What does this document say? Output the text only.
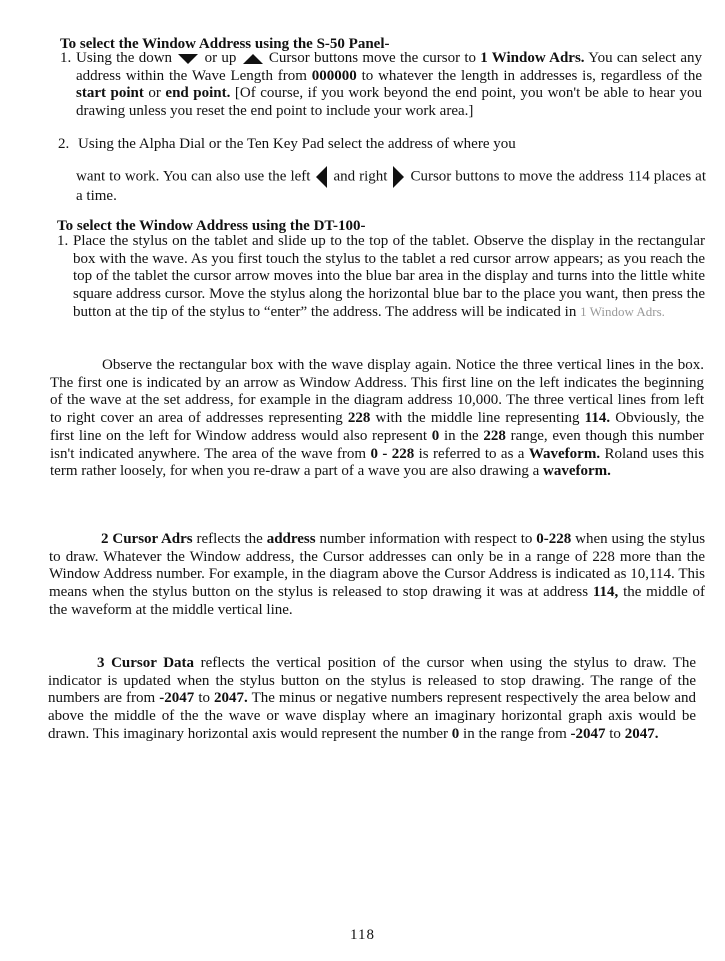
To select the Window Address using the S-50 Panel-
1. Using the down or up Cursor buttons move the cursor to 1 Window Adrs. You can select any address within the Wave Length from 000000 to whatever the length in addresses is, regardless of the start point or end point. [Of course, if you work beyond the end point, you won't be able to hear you drawing unless you reset the end point to include your work area.]
2. Using the Alpha Dial or the Ten Key Pad select the address of where you
want to work. You can also use the left and right Cursor buttons to move the address 114 places at a time.
To select the Window Address using the DT-100-
1. Place the stylus on the tablet and slide up to the top of the tablet. Observe the display in the rectangular box with the wave. As you first touch the stylus to the tablet a red cursor arrow appears; as you reach the top of the tablet the cursor arrow moves into the blue bar area in the display and turns into the little white square address cursor. Move the stylus along the horizontal blue bar to the place you want, then press the button at the tip of the stylus to “enter” the address. The address will be indicated in 1 Window Adrs.
Observe the rectangular box with the wave display again. Notice the three vertical lines in the box. The first one is indicated by an arrow as Window Address. This first line on the left indicates the beginning of the wave at the set address, for example in the diagram address 10,000. The three vertical lines from left to right cover an area of addresses representing 228 with the middle line representing 114. Obviously, the first line on the left for Window address would also represent 0 in the 228 range, even though this number isn't indicated anywhere. The area of the wave from 0 - 228 is referred to as a Waveform. Roland uses this term rather loosely, for when you re-draw a part of a wave you are also drawing a waveform.
2 Cursor Adrs reflects the address number information with respect to 0-228 when using the stylus to draw. Whatever the Window address, the Cursor addresses can only be in a range of 228 more than the Window Address number. For example, in the diagram above the Cursor Address is indicated as 10,114. This means when the stylus button on the stylus is released to stop drawing it was at address 114, the middle of the waveform at the middle vertical line.
3 Cursor Data reflects the vertical position of the cursor when using the stylus to draw. The indicator is updated when the stylus button on the stylus is released to stop drawing. The range of the numbers are from -2047 to 2047. The minus or negative numbers represent respectively the area below and above the middle of the the wave or wave display where an imaginary horizontal graph axis would be drawn. This imaginary horizontal axis would represent the number 0 in the range from -2047 to 2047.
118
